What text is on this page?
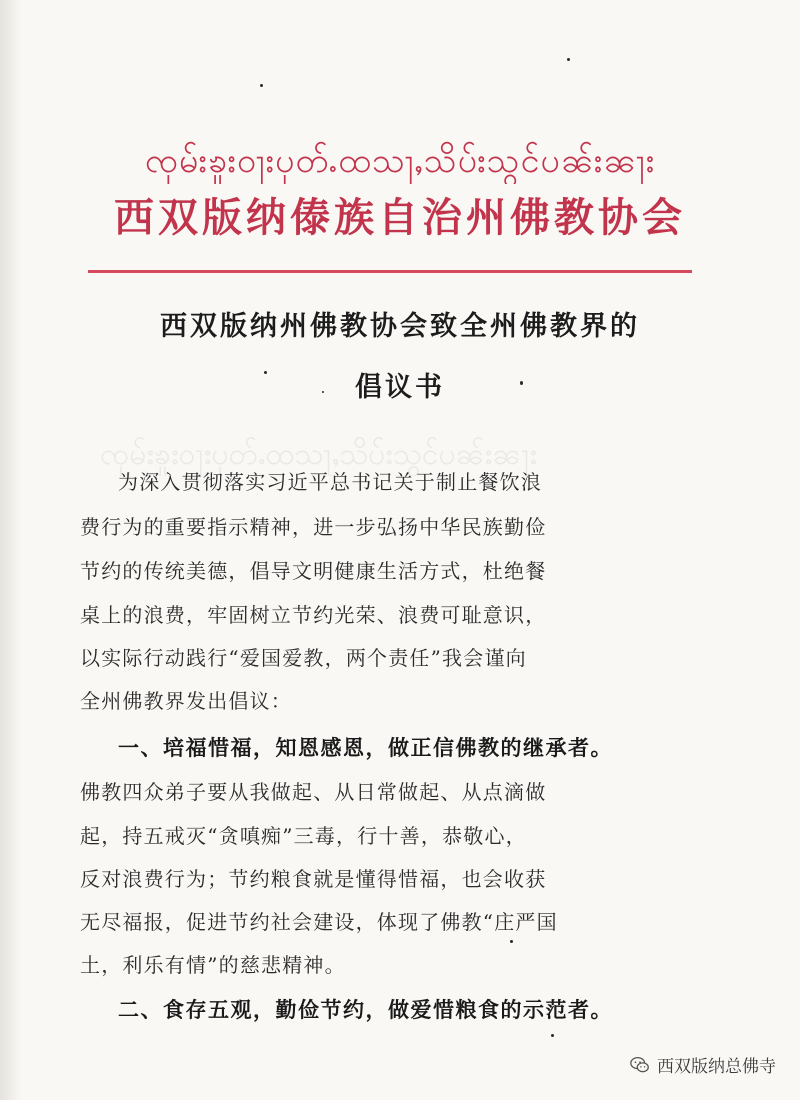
ၸုမ်းၶူးဝႃးပုတ်ႉထသႃႇသိပ်းသွင်ပၼ်းၼႃး
西双版纳傣族自治州佛教协会
西双版纳州佛教协会致全州佛教界的
倡议书
ၸုမ်းၶူးဝႃးပုတ်ႉထသႃႇသိပ်းသွင်ပၼ်းၼႃး
为深入贯彻落实习近平总书记关于制止餐饮浪
费行为的重要指示精神，进一步弘扬中华民族勤俭
节约的传统美德，倡导文明健康生活方式，杜绝餐
桌上的浪费，牢固树立节约光荣、浪费可耻意识，
以实际行动践行“爱国爱教，两个责任”我会谨向
全州佛教界发出倡议：
一、培福惜福，知恩感恩，做正信佛教的继承者。
佛教四众弟子要从我做起、从日常做起、从点滴做
起，持五戒灭“贪嗔痴”三毒，行十善，恭敬心，
反对浪费行为；节约粮食就是懂得惜福，也会收获
无尽福报，促进节约社会建设，体现了佛教“庄严国
土，利乐有情”的慈悲精神。
二、食存五观，勤俭节约，做爱惜粮食的示范者。
西双版纳总佛寺
